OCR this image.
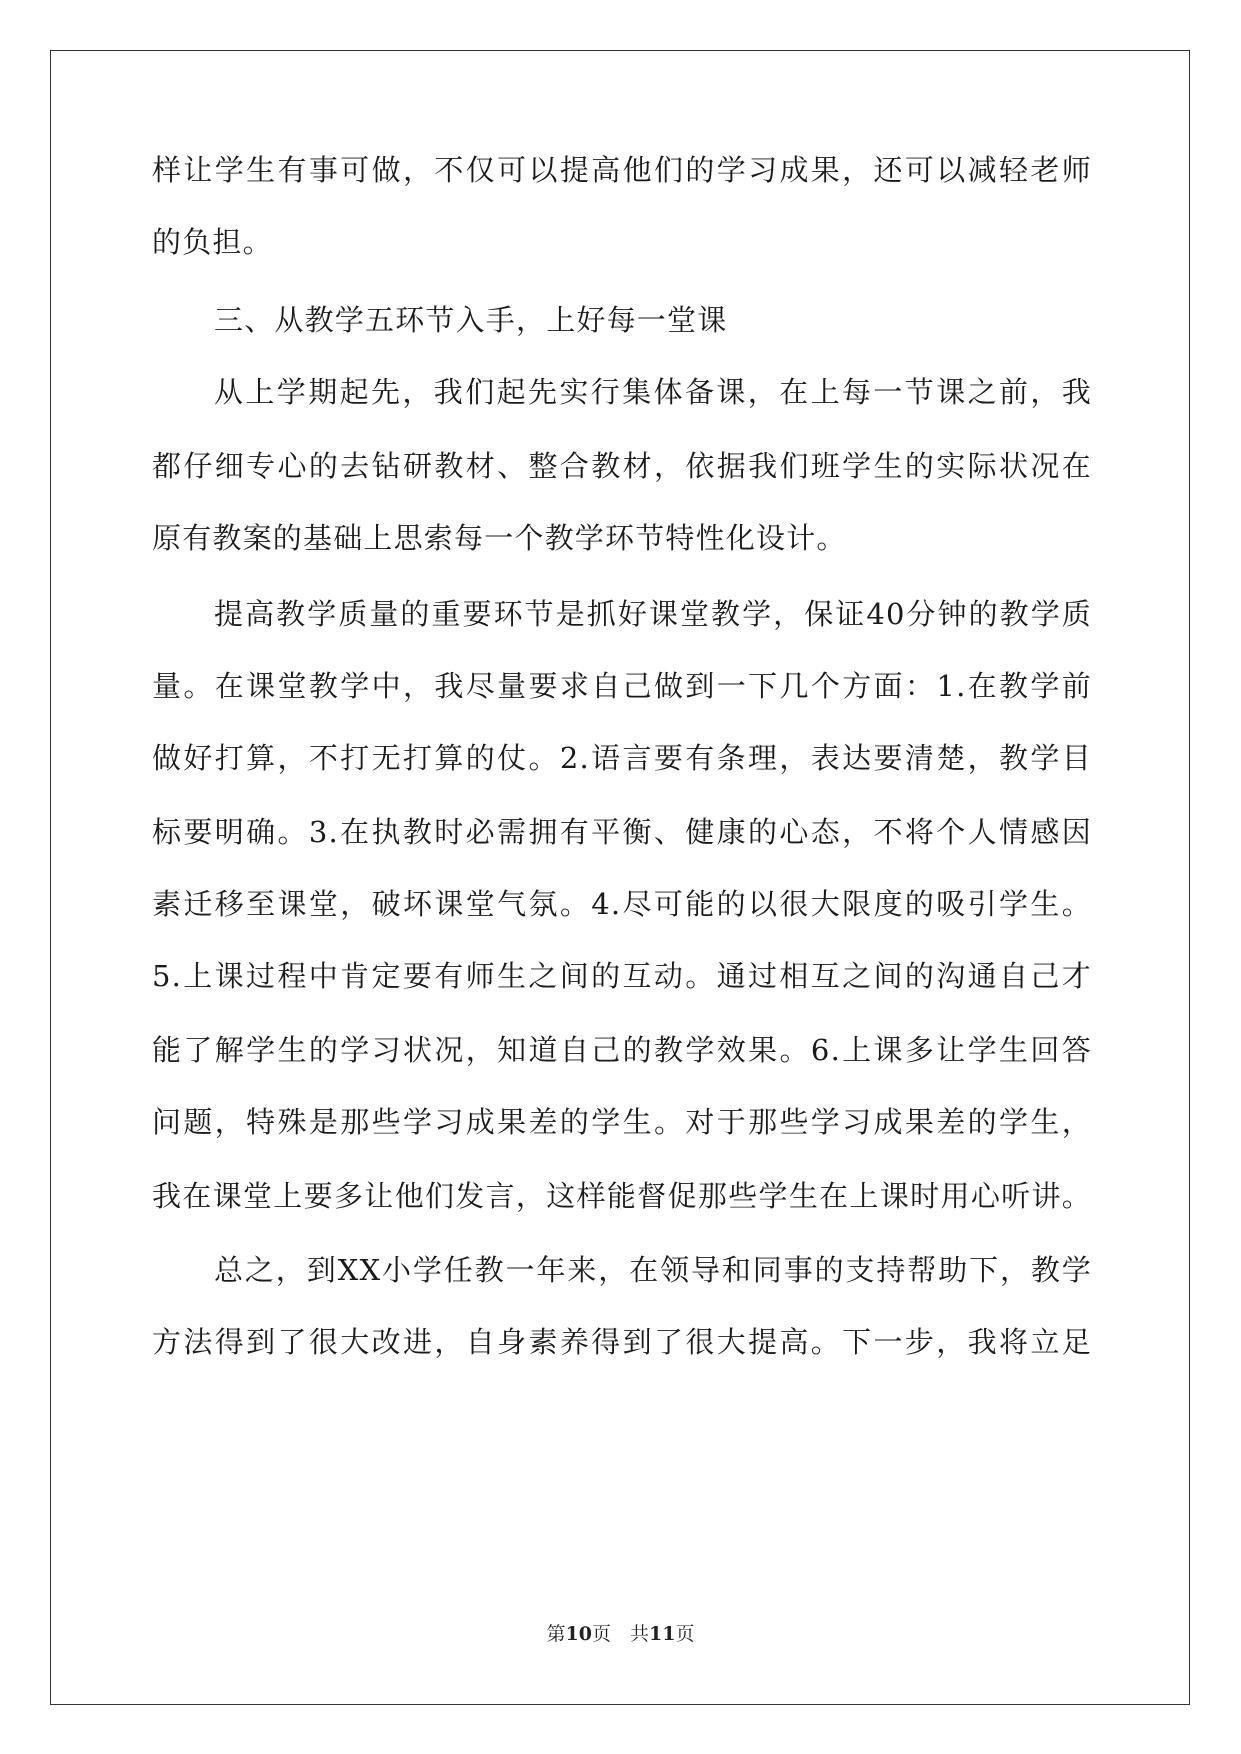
样让学生有事可做，不仅可以提高他们的学习成果，还可以减轻老师
的负担。
三、从教学五环节入手，上好每一堂课
从上学期起先，我们起先实行集体备课，在上每一节课之前，我
都仔细专心的去钻研教材、整合教材，依据我们班学生的实际状况在
原有教案的基础上思索每一个教学环节特性化设计。
提高教学质量的重要环节是抓好课堂教学，保证40分钟的教学质
量。在课堂教学中，我尽量要求自己做到一下几个方面：1.在教学前
做好打算，不打无打算的仗。2.语言要有条理，表达要清楚，教学目
标要明确。3.在执教时必需拥有平衡、健康的心态，不将个人情感因
素迁移至课堂，破坏课堂气氛。4.尽可能的以很大限度的吸引学生。
5.上课过程中肯定要有师生之间的互动。通过相互之间的沟通自己才
能了解学生的学习状况，知道自己的教学效果。6.上课多让学生回答
问题，特殊是那些学习成果差的学生。对于那些学习成果差的学生，
我在课堂上要多让他们发言，这样能督促那些学生在上课时用心听讲。
总之，到XX小学任教一年来，在领导和同事的支持帮助下，教学
方法得到了很大改进，自身素养得到了很大提高。下一步，我将立足
第10页　共11页
